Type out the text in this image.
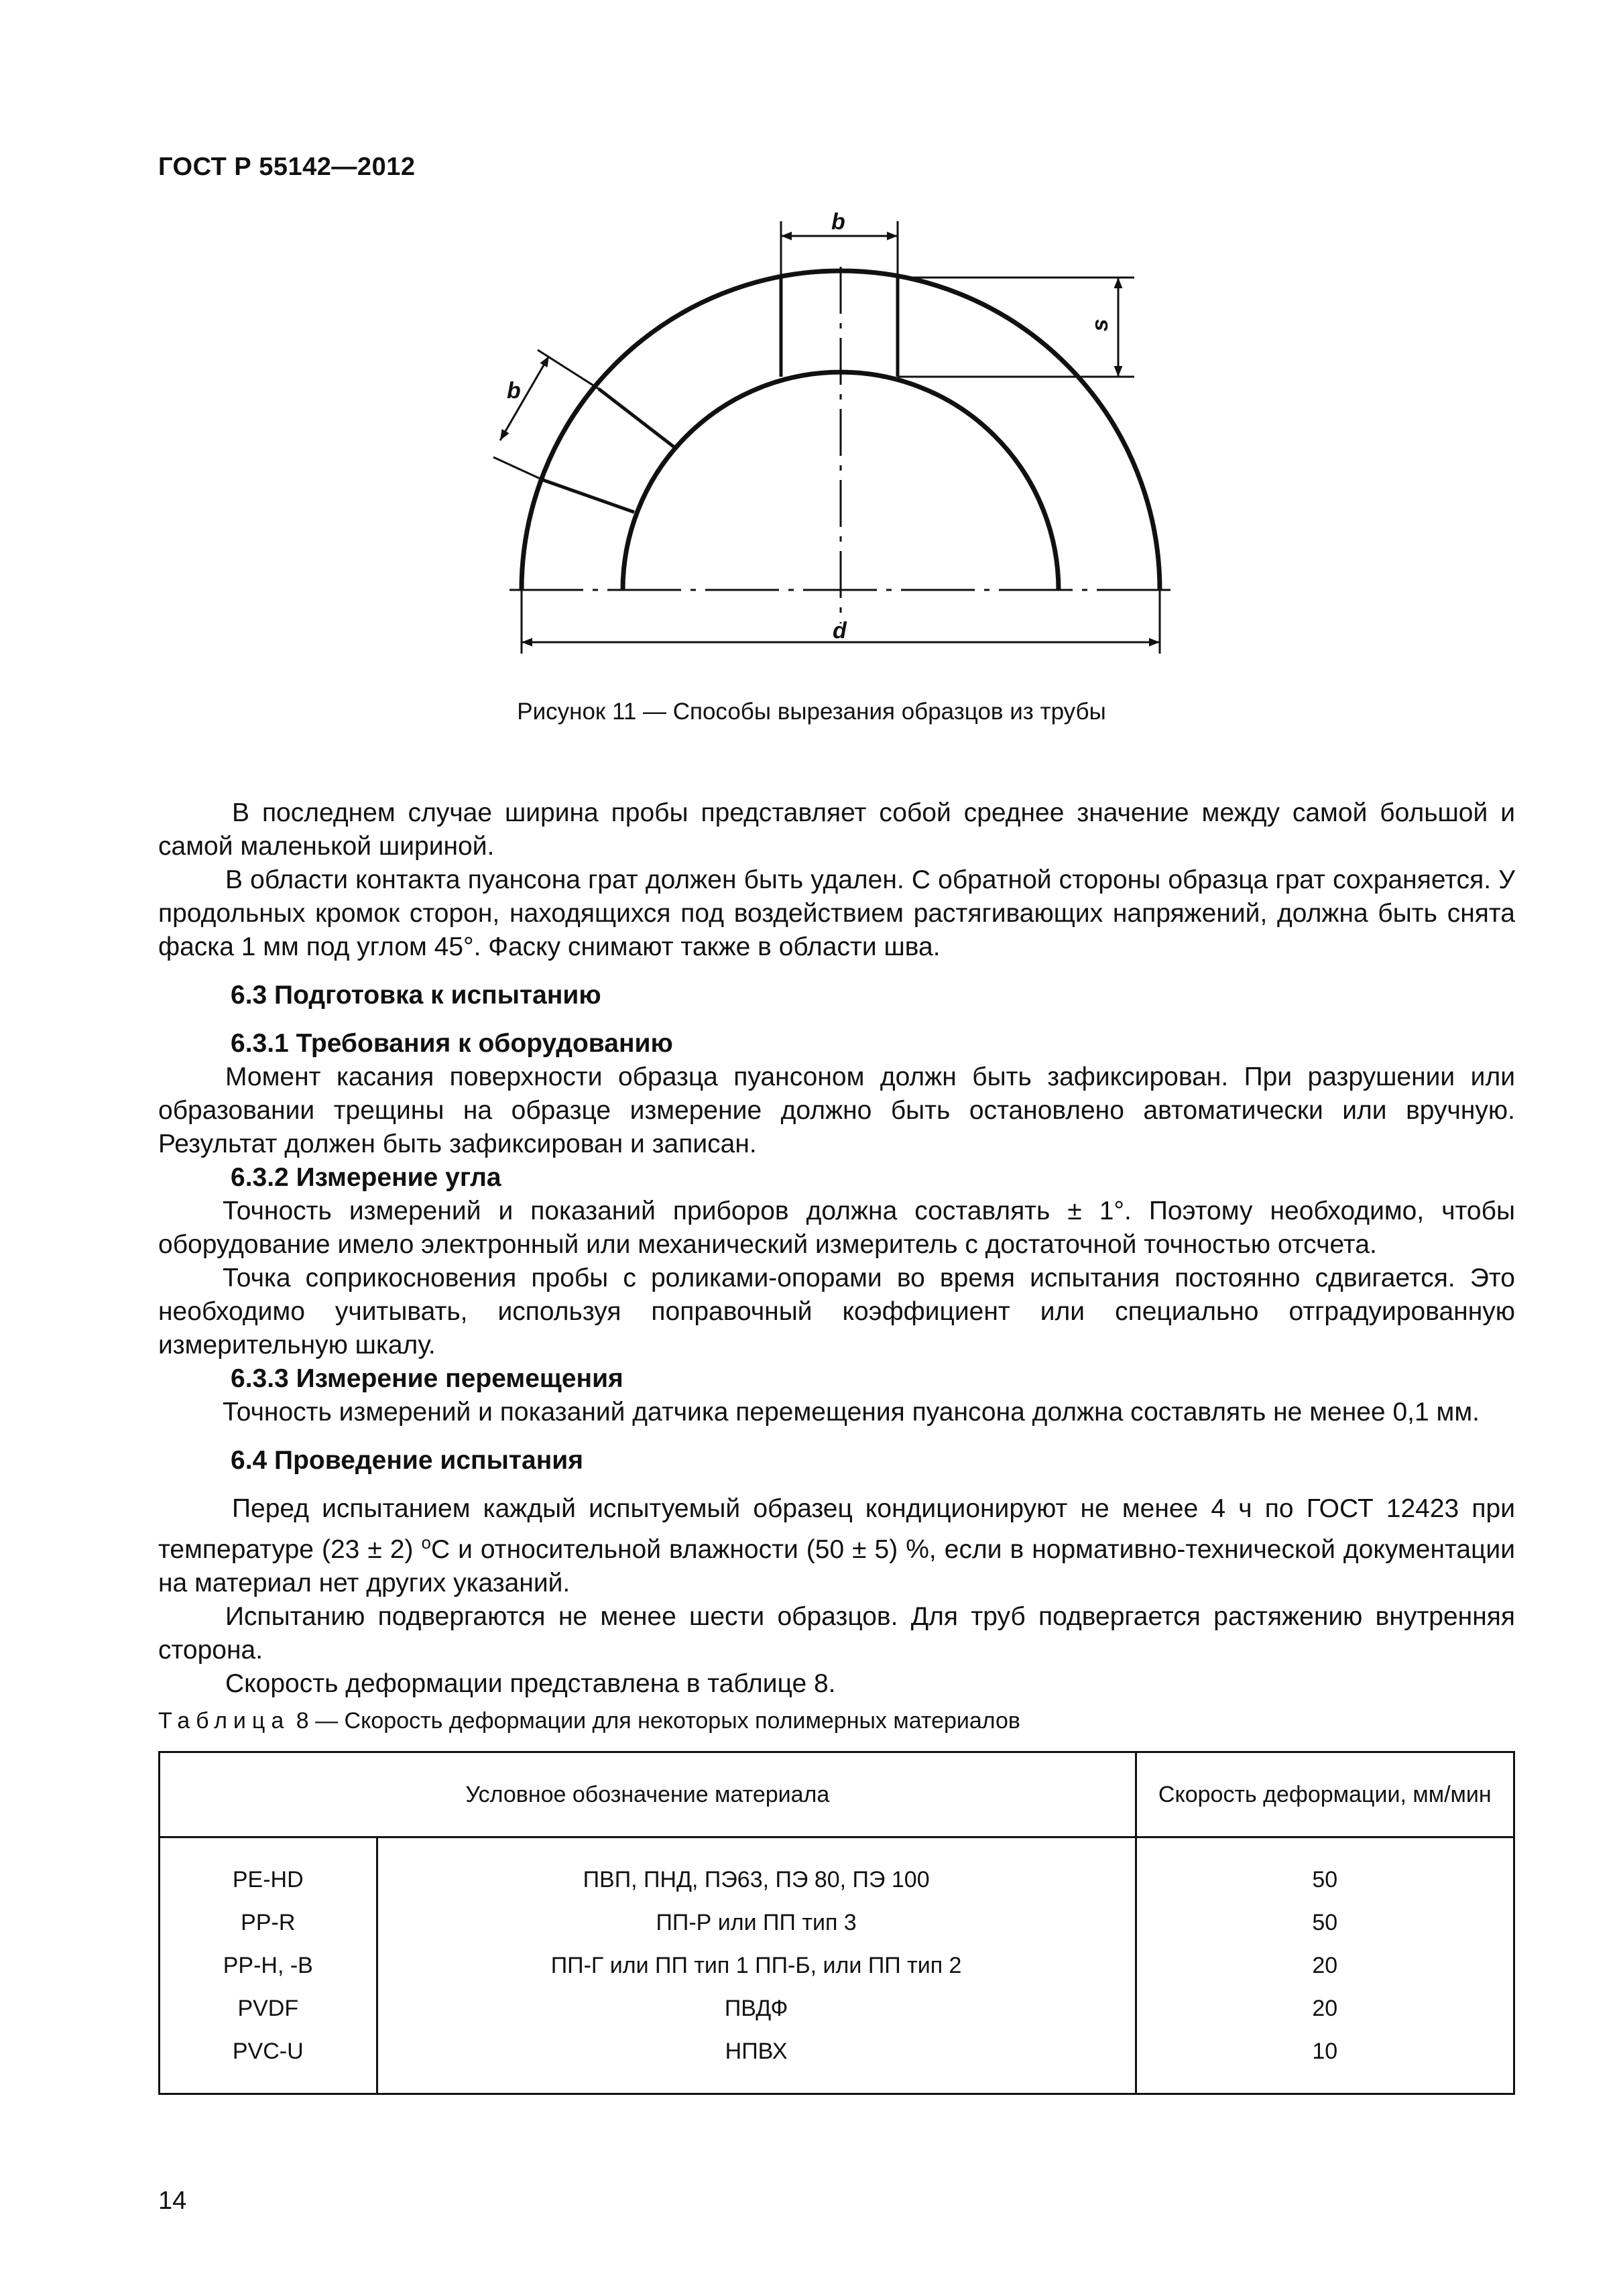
ГОСТ Р 55142—2012
b
b
s
d
Рисунок 11 — Способы вырезания образцов из трубы

В последнем случае ширина пробы представляет собой среднее значение между самой большой и самой маленькой шириной.

В области контакта пуансона грат должен быть удален. С обратной стороны образца грат сохраняется. У продольных кромок сторон, находящихся под воздействием растягивающих напряжений, должна быть снята фаска 1 мм под углом 45°. Фаску снимают также в области шва.

6.3 Подготовка к испытанию

6.3.1 Требования к оборудованию

Момент касания поверхности образца пуансоном должн быть зафиксирован. При разрушении или образовании трещины на образце измерение должно быть остановлено автоматически или вручную. Результат должен быть зафиксирован и записан.

6.3.2 Измерение угла

Точность измерений и показаний приборов должна составлять ± 1°. Поэтому необходимо, чтобы оборудование имело электронный или механический измеритель с достаточной точностью отсчета.

Точка соприкосновения пробы с роликами-опорами во время испытания постоянно сдвигается. Это необходимо учитывать, используя поправочный коэффициент или специально отградуированную измерительную шкалу.

6.3.3 Измерение перемещения

Точность измерений и показаний датчика перемещения пуансона должна составлять не менее 0,1 мм.

6.4 Проведение испытания

Перед испытанием каждый испытуемый образец кондиционируют не менее 4 ч по ГОСТ 12423 при температуре (23 ± 2) $^о$С и относительной влажности (50 ± 5) %, если в нормативно-технической документации на материал нет других указаний.

Испытанию подвергаются не менее шести образцов. Для труб подвергается растяжению внутренняя сторона.

Скорость деформации представлена в таблице 8.

Таблица 8 — Скорость деформации для некоторых полимерных материалов
Условное обозначение материала		Скорость деформации, мм/мин

PE-HD	ПВП, ПНД, ПЭ63, ПЭ 80, ПЭ 100	50
PP-R	ПП-Р или ПП тип 3	50
PP-H, -B	ПП-Г или ПП тип 1 ПП-Б, или ПП тип 2	20
PVDF	ПВДФ	20
PVC-U	НПВХ	10

14
